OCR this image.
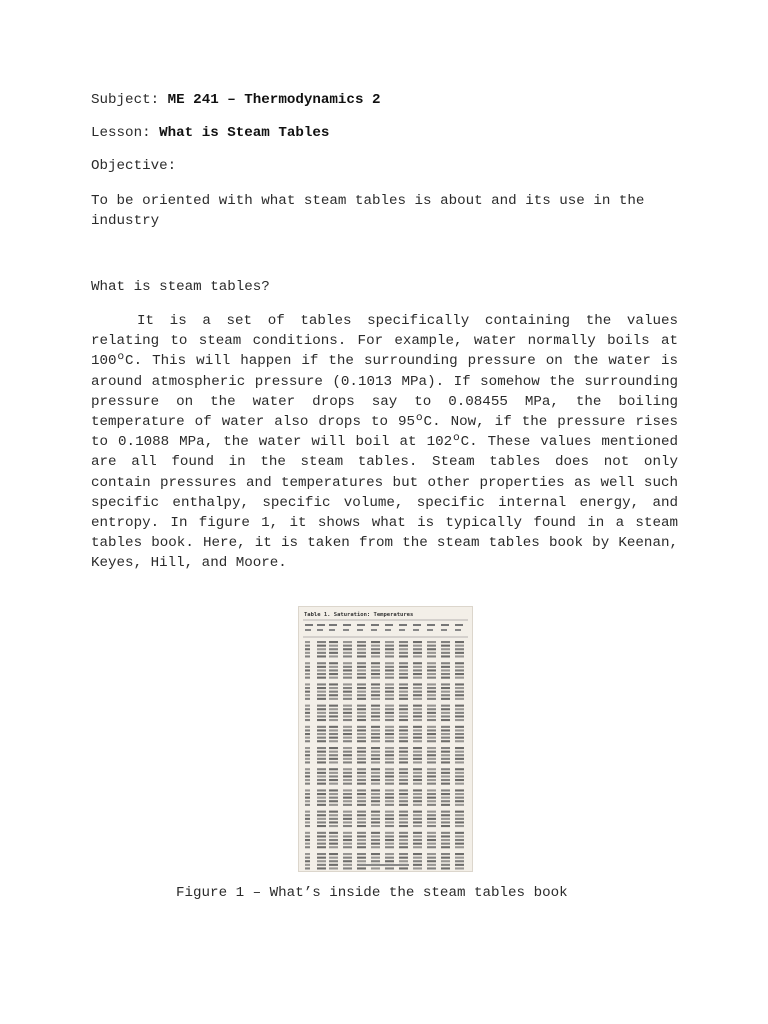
Subject: ME 241 – Thermodynamics 2
Lesson: What is Steam Tables
Objective:
To be oriented with what steam tables is about and its use in the industry
What is steam tables?
It is a set of tables specifically containing the values relating to steam conditions. For example, water normally boils at 100ºC. This will happen if the surrounding pressure on the water is around atmospheric pressure (0.1013 MPa). If somehow the surrounding pressure on the water drops say to 0.08455 MPa, the boiling temperature of water also drops to 95ºC. Now, if the pressure rises to 0.1088 MPa, the water will boil at 102ºC. These values mentioned are all found in the steam tables. Steam tables does not only contain pressures and temperatures but other properties as well such specific enthalpy, specific volume, specific internal energy, and entropy. In figure 1, it shows what is typically found in a steam tables book. Here, it is taken from the steam tables book by Keenan, Keyes, Hill, and Moore.
Table 1. Saturation: Temperatures
Figure 1 – What’s inside the steam tables book
